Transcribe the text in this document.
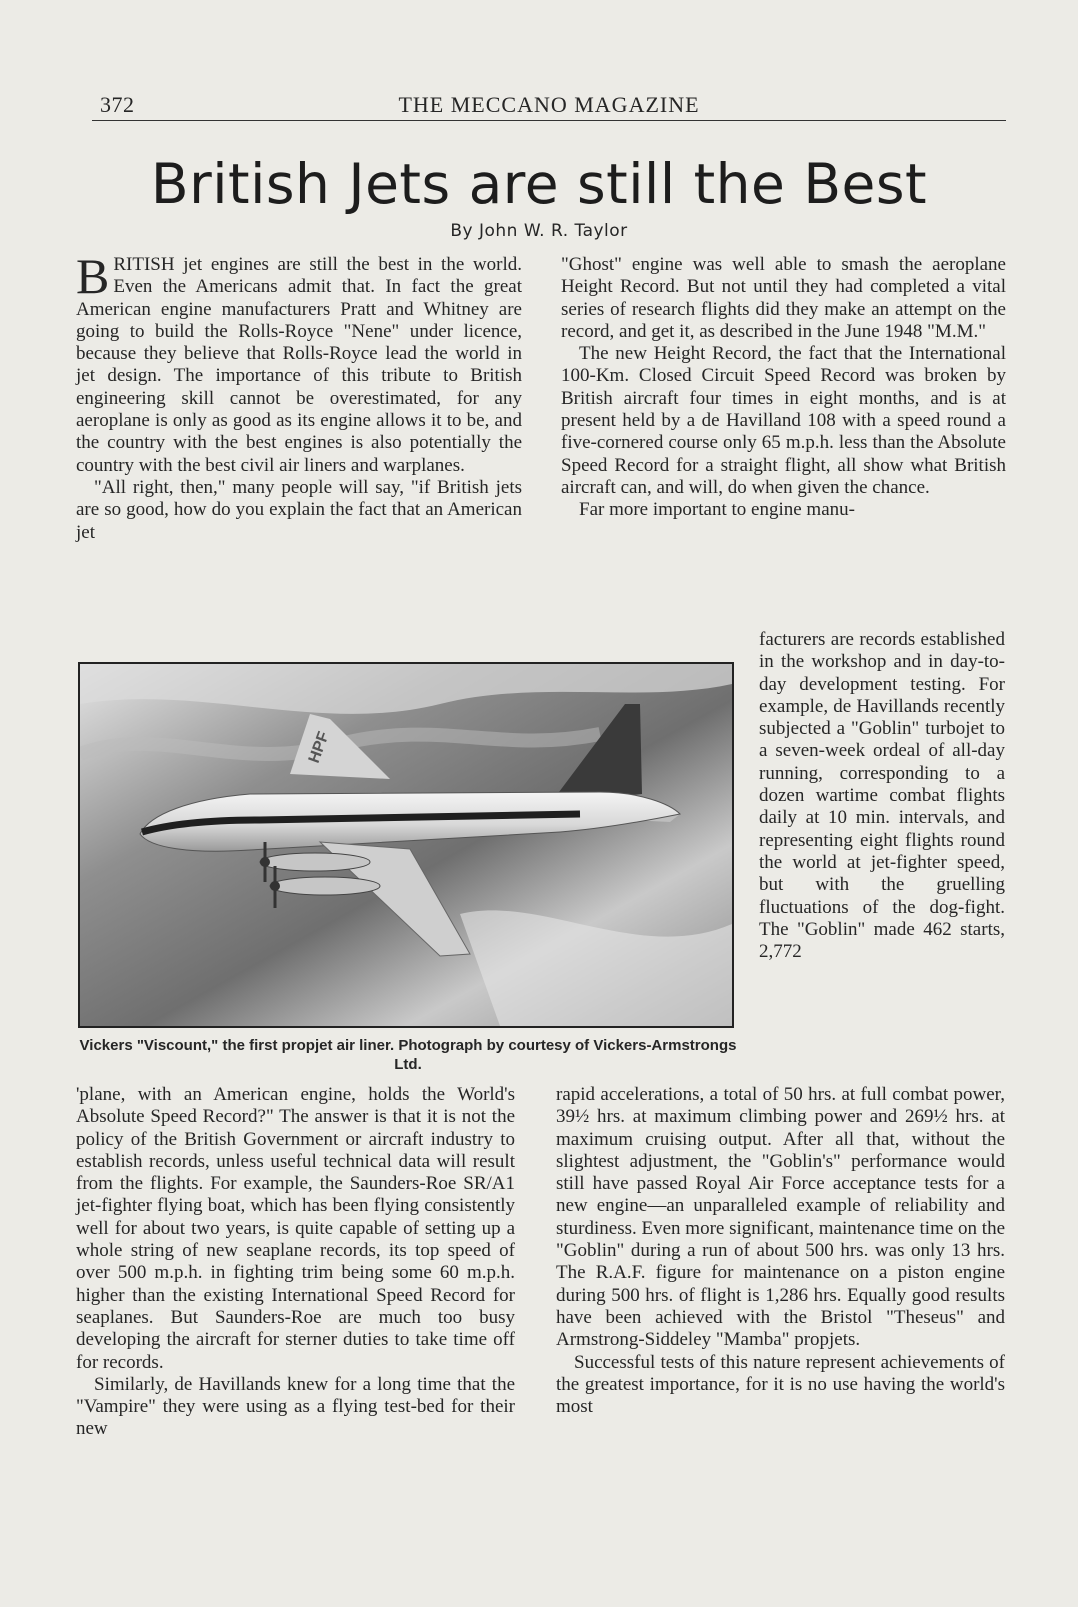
372	THE MECCANO MAGAZINE
British Jets are still the Best
By John W. R. Taylor

BRITISH jet engines are still the best in the world. Even the Americans admit that. In fact the great American engine manufacturers Pratt and Whitney are going to build the Rolls-Royce "Nene" under licence, because they believe that Rolls-Royce lead the world in jet design. The importance of this tribute to British engineering skill cannot be overestimated, for any aeroplane is only as good as its engine allows it to be, and the country with the best engines is also potentially the country with the best civil air liners and warplanes.

"All right, then," many people will say, "if British jets are so good, how do you explain the fact that an American jet

"Ghost" engine was well able to smash the aeroplane Height Record. But not until they had completed a vital series of research flights did they make an attempt on the record, and get it, as described in the June 1948 "M.M."

The new Height Record, the fact that the International 100-Km. Closed Circuit Speed Record was broken by British aircraft four times in eight months, and is at present held by a de Havilland 108 with a speed round a five-cornered course only 65 m.p.h. less than the Absolute Speed Record for a straight flight, all show what British aircraft can, and will, do when given the chance.

Far more important to engine manu-

HPF
Vickers "Viscount," the first propjet air liner. Photograph by courtesy of Vickers-Armstrongs Ltd.

facturers are records established in the workshop and in day-to-day development testing. For example, de Havillands recently subjected a "Goblin" turbojet to a seven-week ordeal of all-day running, corresponding to a dozen wartime combat flights daily at 10 min. intervals, and representing eight flights round the world at jet-fighter speed, but with the gruelling fluctuations of the dog-fight. The "Goblin" made 462 starts, 2,772

'plane, with an American engine, holds the World's Absolute Speed Record?" The answer is that it is not the policy of the British Government or aircraft industry to establish records, unless useful technical data will result from the flights. For example, the Saunders-Roe SR/A1 jet-fighter flying boat, which has been flying consistently well for about two years, is quite capable of setting up a whole string of new seaplane records, its top speed of over 500 m.p.h. in fighting trim being some 60 m.p.h. higher than the existing International Speed Record for seaplanes. But Saunders-Roe are much too busy developing the aircraft for sterner duties to take time off for records.

Similarly, de Havillands knew for a long time that the "Vampire" they were using as a flying test-bed for their new

rapid accelerations, a total of 50 hrs. at full combat power, 39½ hrs. at maximum climbing power and 269½ hrs. at maximum cruising output. After all that, without the slightest adjustment, the "Goblin's" performance would still have passed Royal Air Force acceptance tests for a new engine—an unparalleled example of reliability and sturdiness. Even more significant, maintenance time on the "Goblin" during a run of about 500 hrs. was only 13 hrs. The R.A.F. figure for maintenance on a piston engine during 500 hrs. of flight is 1,286 hrs. Equally good results have been achieved with the Bristol "Theseus" and Armstrong-Siddeley "Mamba" propjets.

Successful tests of this nature represent achievements of the greatest importance, for it is no use having the world's most
